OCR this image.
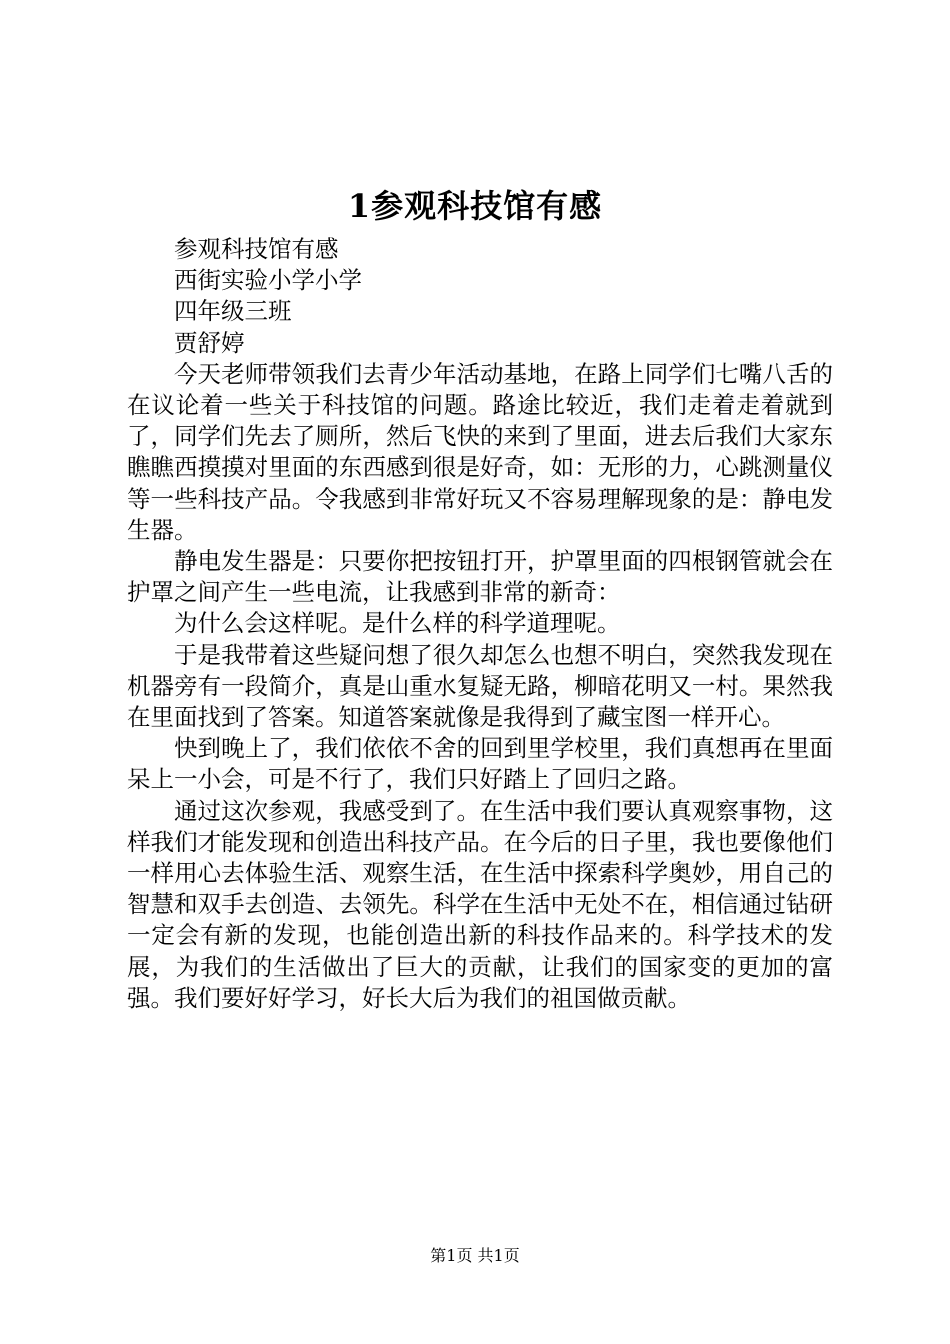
1参观科技馆有感

参观科技馆有感

西街实验小学小学

四年级三班

贾舒婷

今天老师带领我们去青少年活动基地，在路上同学们七嘴八舌的在议论着一些关于科技馆的问题。路途比较近，我们走着走着就到了，同学们先去了厕所，然后飞快的来到了里面，进去后我们大家东瞧瞧西摸摸对里面的东西感到很是好奇，如：无形的力，心跳测量仪等一些科技产品。令我感到非常好玩又不容易理解现象的是：静电发生器。

静电发生器是：只要你把按钮打开，护罩里面的四根钢管就会在护罩之间产生一些电流，让我感到非常的新奇：

为什么会这样呢。是什么样的科学道理呢。

于是我带着这些疑问想了很久却怎么也想不明白，突然我发现在机器旁有一段简介，真是山重水复疑无路，柳暗花明又一村。果然我在里面找到了答案。知道答案就像是我得到了藏宝图一样开心。

快到晚上了，我们依依不舍的回到里学校里，我们真想再在里面呆上一小会，可是不行了，我们只好踏上了回归之路。

通过这次参观，我感受到了。在生活中我们要认真观察事物，这样我们才能发现和创造出科技产品。在今后的日子里，我也要像他们一样用心去体验生活、观察生活，在生活中探索科学奥妙，用自己的智慧和双手去创造、去领先。科学在生活中无处不在，相信通过钻研一定会有新的发现，也能创造出新的科技作品来的。科学技术的发展，为我们的生活做出了巨大的贡献，让我们的国家变的更加的富强。我们要好好学习，好长大后为我们的祖国做贡献。

第1页 共1页
